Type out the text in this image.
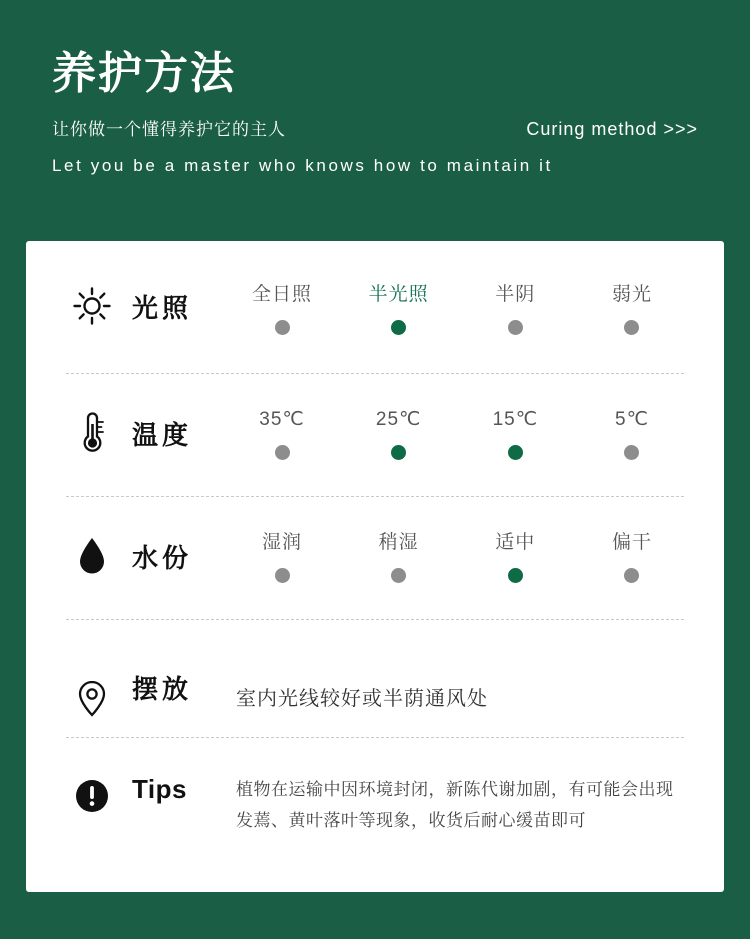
养护方法
让你做一个懂得养护它的主人	Curing method >>>
Let you be a master who knows how to maintain it
光照	全日照	半光照	半阴	弱光
温度	35℃	25℃	15℃	5℃
水份	湿润	稍湿	适中	偏干
摆放 室内光线较好或半荫通风处
Tips	植物在运输中因环境封闭，新陈代谢加剧，有可能会出现发蔫、黄叶落叶等现象，收货后耐心缓苗即可
